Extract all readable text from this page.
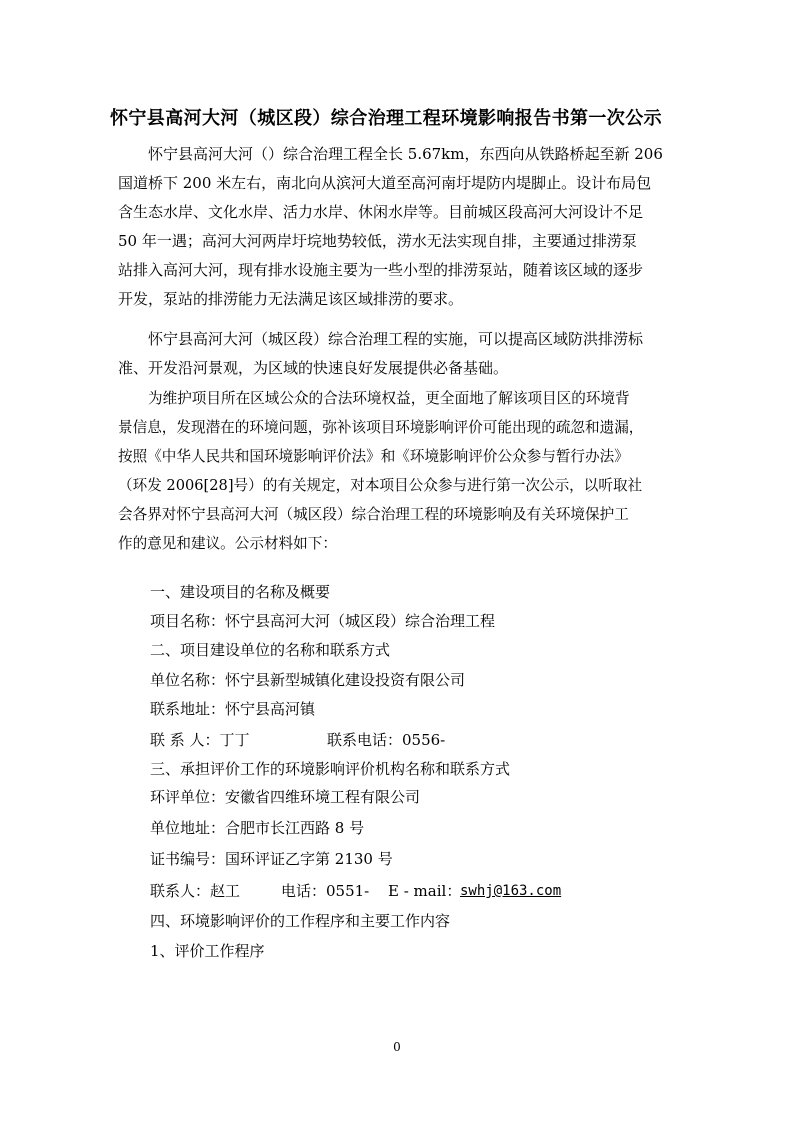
怀宁县高河大河（城区段）综合治理工程环境影响报告书第一次公示
怀宁县高河大河（）综合治理工程全长 5.67km，东西向从铁路桥起至新 206
国道桥下 200 米左右，南北向从滨河大道至高河南圩堤防内堤脚止。设计布局包
含生态水岸、文化水岸、活力水岸、休闲水岸等。目前城区段高河大河设计不足
50 年一遇；高河大河两岸圩垸地势较低，涝水无法实现自排，主要通过排涝泵
站排入高河大河，现有排水设施主要为一些小型的排涝泵站，随着该区域的逐步
开发，泵站的排涝能力无法满足该区域排涝的要求。
怀宁县高河大河（城区段）综合治理工程的实施，可以提高区域防洪排涝标
准、开发沿河景观，为区域的快速良好发展提供必备基础。
为维护项目所在区域公众的合法环境权益，更全面地了解该项目区的环境背
景信息，发现潜在的环境问题，弥补该项目环境影响评价可能出现的疏忽和遗漏，
按照《中华人民共和国环境影响评价法》和《环境影响评价公众参与暂行办法》
（环发 2006[28]号）的有关规定，对本项目公众参与进行第一次公示，以听取社
会各界对怀宁县高河大河（城区段）综合治理工程的环境影响及有关环境保护工
作的意见和建议。公示材料如下：
一、建设项目的名称及概要
项目名称：怀宁县高河大河（城区段）综合治理工程
二、项目建设单位的名称和联系方式
单位名称：怀宁县新型城镇化建设投资有限公司
联系地址：怀宁县高河镇
联 系 人：丁丁	联系电话：0556-
三、承担评价工作的环境影响评价机构名称和联系方式
环评单位：安徽省四维环境工程有限公司
单位地址：合肥市长江西路 8 号
证书编号：国环评证乙字第 2130 号
联系人：赵工	电话：0551- E - mail：
swhj@163.com
四、环境影响评价的工作程序和主要工作内容
1、评价工作程序
0
